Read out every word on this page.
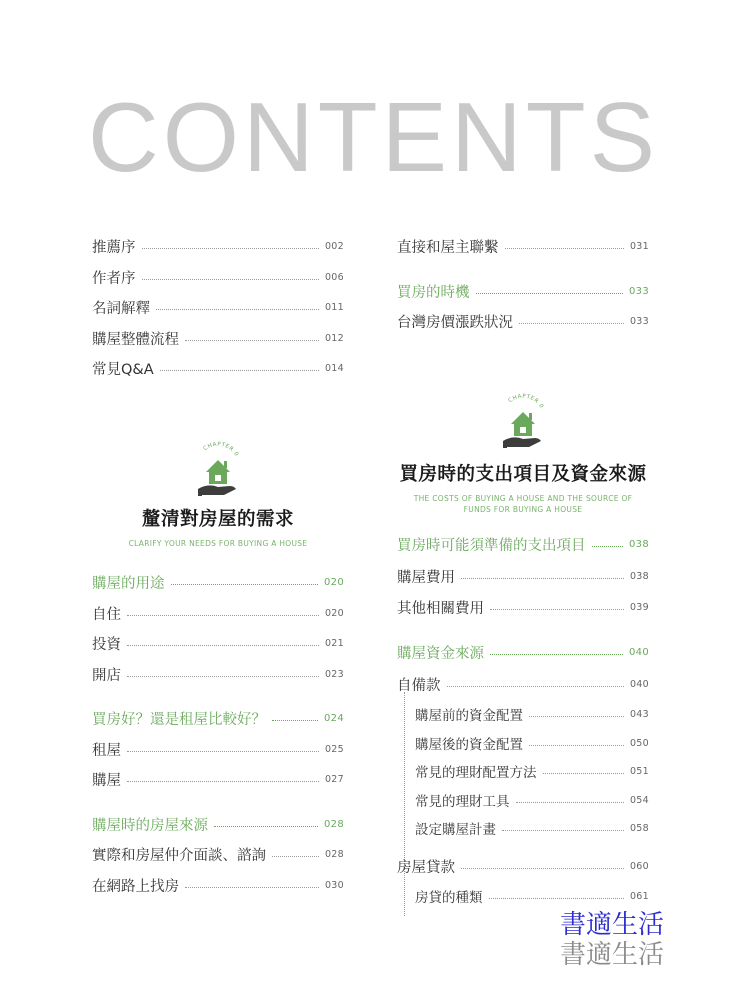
CONTENTS
推薦序	002
作者序	006
名詞解釋	011
購屋整體流程	012
常見Q&A	014
CHAPTER 0
釐清對房屋的需求
CLARIFY YOUR NEEDS FOR BUYING A HOUSE
購屋的用途	020
自住	020
投資	021
開店	023
買房好？還是租屋比較好？	024
租屋	025
購屋	027
購屋時的房屋來源	028
實際和房屋仲介面談、諮詢	028
在網路上找房	030
直接和屋主聯繫	031
買房的時機	033
台灣房價漲跌狀況	033
CHAPTER 0
買房時的支出項目及資金來源
THE COSTS OF BUYING A HOUSE AND THE SOURCE OF
FUNDS FOR BUYING A HOUSE
買房時可能須準備的支出項目	038
購屋費用	038
其他相關費用	039
購屋資金來源	040
自備款	040
購屋前的資金配置	043
購屋後的資金配置	050
常見的理財配置方法	051
常見的理財工具	054
設定購屋計畫	058
房屋貸款	060
房貸的種類	061
書適生活
書適生活
